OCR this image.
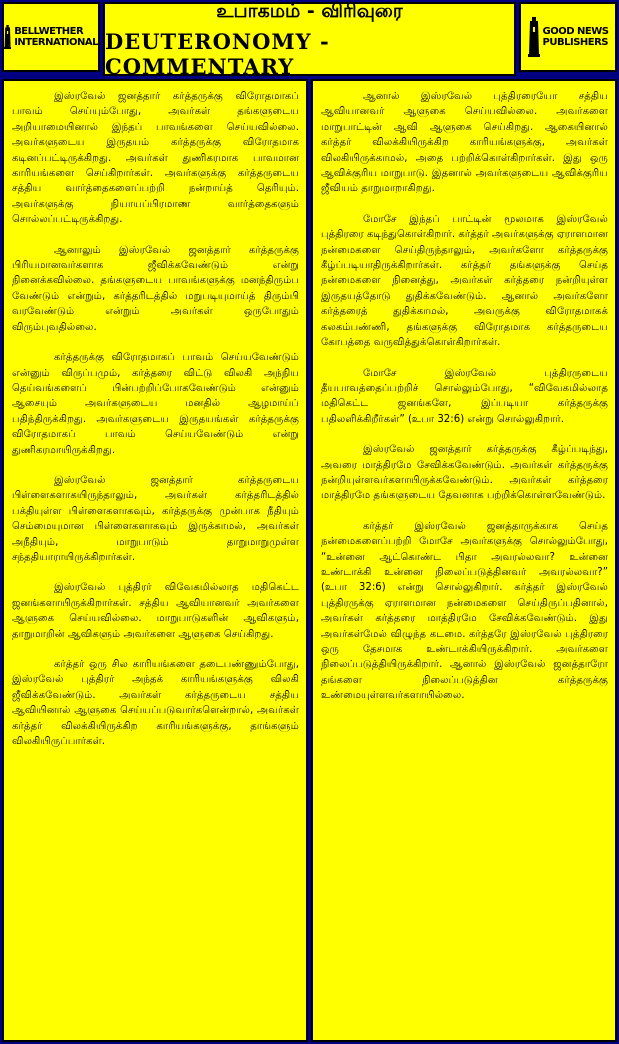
BELLWETHER
INTERNATIONAL
உபாகமம் - விரிவுரை
DEUTERONOMY - COMMENTARY
GOOD NEWS
PUBLISHERS

இஸ்ரவேல் ஜனத்தார் கர்த்தருக்கு விரோதமாகப் பாவம் செய்யும்போது, அவர்கள் தங்களுடைய அறியாமையினால் இந்தப் பாவங்களை செய்யவில்லை. அவர்களுடைய இருதயம் கர்த்தருக்கு விரோதமாக கடினப்பட்டிருக்கிறது. அவர்கள் துணிகரமாக பாவமான காரியங்களை செய்கிறார்கள். அவர்களுக்கு கர்த்தருடைய சத்திய வார்த்தைகளைப்பற்றி நன்றாய்த் தெரியும். அவர்களுக்கு நியாயப்பிரமாண வார்த்தைகளும் சொல்லப்பட்டிருக்கிறது.

ஆனாலும் இஸ்ரவேல் ஜனத்தார் கர்த்தருக்கு பிரியமானவர்களாக ஜீவிக்கவேண்டும் என்று நினைக்கவில்லை. தங்களுடைய பாவங்களுக்கு மனந்திரும்ப வேண்டும் என்றும், கர்த்தரிடத்தில் மறுபடியுமாய்த் திரும்பி வரவேண்டும் என்றும் அவர்கள் ஒருபோதும் விரும்புவதில்லை.

கர்த்தருக்கு விரோதமாகப் பாவம் செய்யவேண்டும் என்னும் விருப்பமும், கர்த்தரை விட்டு விலகி அந்நிய தெய்வங்களைப் பின்பற்றிப்போகவேண்டும் என்னும் ஆசையும் அவர்களுடைய மனதில் ஆழமாய்ப் பதிந்திருக்கிறது. அவர்களுடைய இருதயங்கள் கர்த்தருக்கு விரோதமாகப் பாவம் செய்யவேண்டும் என்று துணிகரமாயிருக்கிறது.

இஸ்ரவேல் ஜனத்தார் கர்த்தருடைய பிள்ளைகளாகயிருந்தாலும், அவர்கள் கர்த்தரிடத்தில் பக்தியுள்ள பிள்ளைகளாகவும், கர்த்தருக்கு முன்பாக நீதியும் செம்மையுமான பிள்ளைகளாகவும் இருக்காமல், அவர்கள் அநீதியும், மாறுபாடும் தாறுமாறுமுள்ள சந்ததியாராயிருக்கிறார்கள்.

இஸ்ரவேல் புத்திரர் விவேகமில்லாத மதிகெட்ட ஜனங்களாயிருக்கிறார்கள். சத்திய ஆவியானவர் அவர்களை ஆளுகை செய்யவில்லை. மாறுபாடுகளின் ஆவிகளும், தாறுமாறின் ஆவிகளும் அவர்களை ஆளுகை செய்கிறது.

கர்த்தர் ஒரு சில காரியங்களை தடைபண்ணும்போது, இஸ்ரவேல் புத்திரர் அந்தக் காரியங்களுக்கு விலகி ஜீவிக்கவேண்டும். அவர்கள் கர்த்தருடைய சத்திய ஆவியினால் ஆளுகை செய்யப்படுவார்களென்றால், அவர்கள் கர்த்தர் விலக்கியிருக்கிற காரியங்களுக்கு, தாங்களும் விலகியிருப்பார்கள்.

ஆனால் இஸ்ரவேல் புத்திரரையோ சத்திய ஆவியானவர் ஆளுகை செய்யவில்லை. அவர்களை மாறுபாட்டின் ஆவி ஆளுகை செய்கிறது. ஆகையினால் கர்த்தர் விலக்கியிருக்கிற காரியங்களுக்கு, அவர்கள் விலகியிருக்காமல், அதை பற்றிக்கொள்கிறார்கள். இது ஒரு ஆவிக்குரிய மாறுபாடு. இதனால் அவர்களுடைய ஆவிக்குரிய ஜீவியம் தாறுமாறாகிறது.

மோசே இந்தப் பாட்டின் மூலமாக இஸ்ரவேல் புத்திரரை கடிந்துகொள்கிறார். கர்த்தர் அவர்களுக்கு ஏராளமான நன்மைகளை செய்திருந்தாலும், அவர்களோ கர்த்தருக்கு கீழ்ப்படியாதிருக்கிறார்கள். கர்த்தர் தங்களுக்கு செய்த நன்மைகளை நினைத்து, அவர்கள் கர்த்தரை நன்றியுள்ள இருதயத்தோடு துதிக்கவேண்டும். ஆனால் அவர்களோ கர்த்தரைத் துதிக்காமல், அவருக்கு விரோதமாகக் கலகம்பண்ணி, தங்களுக்கு விரோதமாக கர்த்தருடைய கோபத்தை வருவித்துக்கொள்கிறார்கள்.

மோசே இஸ்ரவேல் புத்திரருடைய தீயபாவத்தைப்பற்றிச் சொல்லும்போது, “விவேகமில்லாத மதிகெட்ட ஜனங்களே, இப்படியா கர்த்தருக்கு பதிலளிக்கிறீர்கள்” (உபா 32:6) என்று சொல்லுகிறார்.

இஸ்ரவேல் ஜனத்தார் கர்த்தருக்கு கீழ்ப்படிந்து, அவரை மாத்திரமே சேவிக்கவேண்டும். அவர்கள் கர்த்தருக்கு நன்றியுள்ளவர்களாயிருக்கவேண்டும். அவர்கள் கர்த்தரை மாத்திரமே தங்களுடைய தேவனாக பற்றிக்கொள்ளவேண்டும்.

கர்த்தர் இஸ்ரவேல் ஜனத்தாருக்காக செய்த நன்மைகளைப்பற்றி மோசே அவர்களுக்கு சொல்லும்போது, “உன்னை ஆட்கொண்ட பிதா அவரல்லவா? உன்னை உண்டாக்கி உன்னை நிலைப்படுத்தினவர் அவரல்லவா?” (உபா 32:6) என்று சொல்லுகிறார். கர்த்தர் இஸ்ரவேல் புத்திரருக்கு ஏராளமான நன்மைகளை செய்திருப்பதினால், அவர்கள் கர்த்தரை மாத்திரமே சேவிக்கவேண்டும். இது அவர்கள்மேல் விழுந்த கடமை. கர்த்தரே இஸ்ரவேல் புத்திரரை ஒரு தேசமாக உண்டாக்கியிருக்கிறார். அவர்களை நிலைப்படுத்தியிருக்கிறார். ஆனால் இஸ்ரவேல் ஜனத்தாரோ தங்களை நிலைப்படுத்தின கர்த்தருக்கு உண்மையுள்ளவர்களாயில்லை.
